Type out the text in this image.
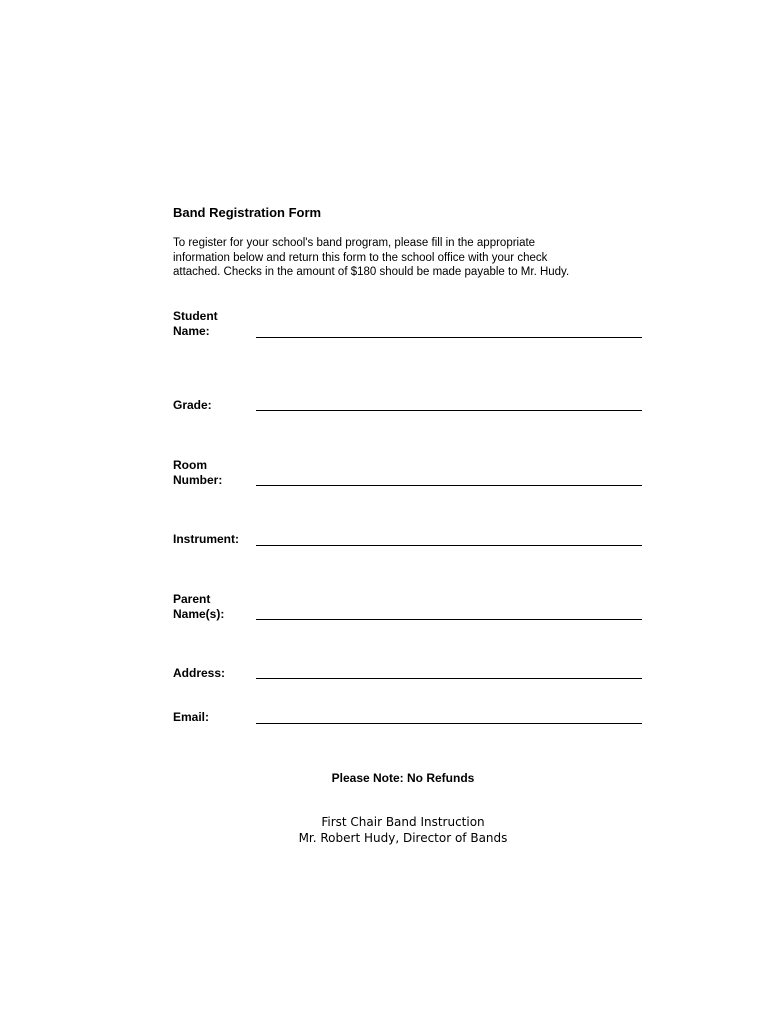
Band Registration Form
To register for your school's band program, please fill in the appropriate
information below and return this form to the school office with your check
attached. Checks in the amount of $180 should be made payable to Mr. Hudy.
Student
Name:
Grade:
Room
Number:
Instrument:
Parent
Name(s):
Address:
Email:
Please Note: No Refunds
First Chair Band Instruction
Mr. Robert Hudy, Director of Bands
